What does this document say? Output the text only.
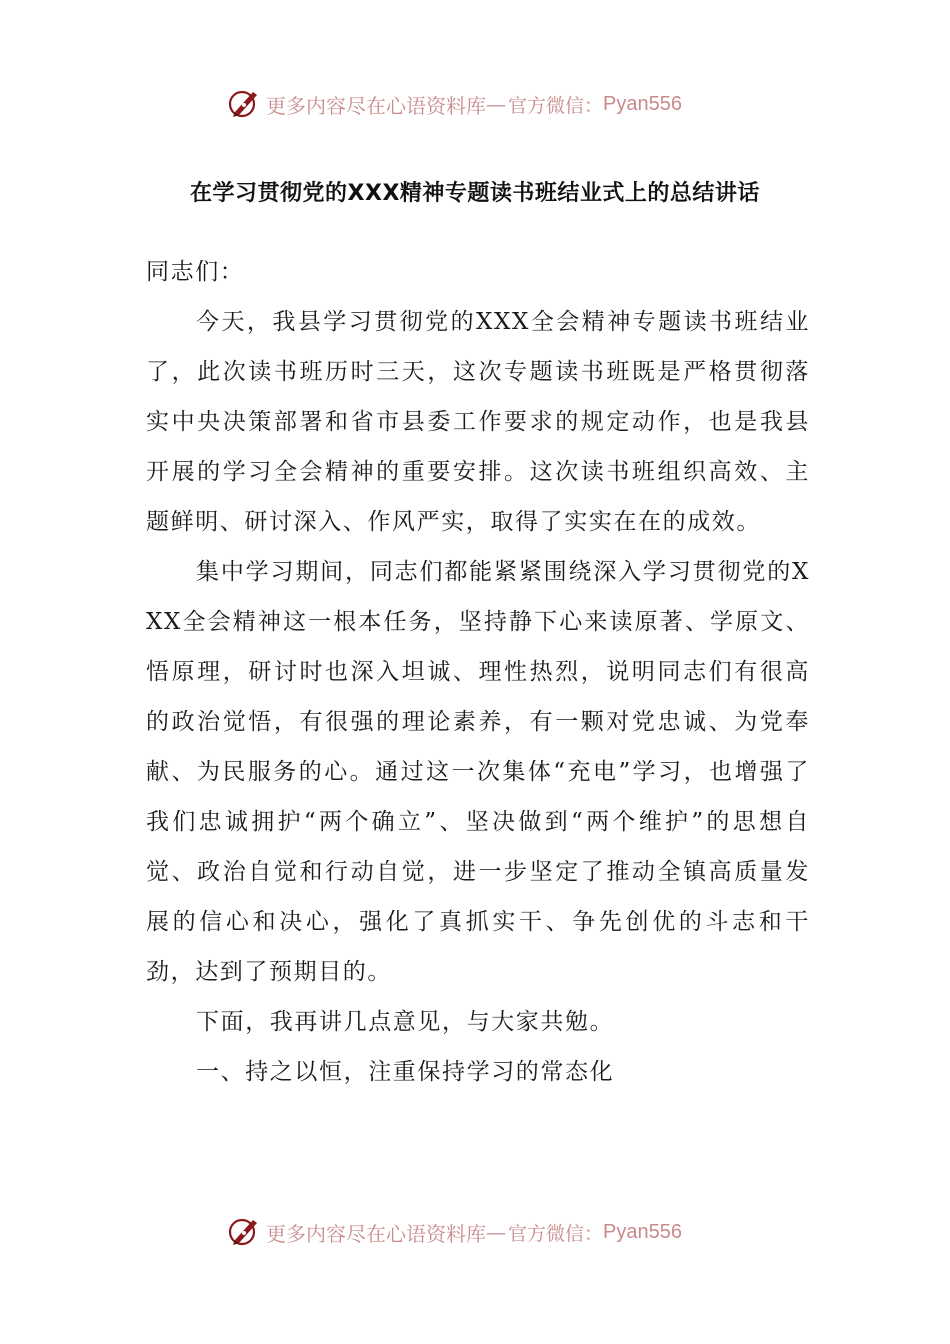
更多内容尽在心语资料库 — 官方微信： Pyan556
在学习贯彻党的XXX精神专题读书班结业式上的总结讲话

同志们：

今天，我县学习贯彻党的XXX全会精神专题读书班结业了，此次读书班历时三天，这次专题读书班既是严格贯彻落实中央决策部署和省市县委工作要求的规定动作，也是我县开展的学习全会精神的重要安排。这次读书班组织高效、主题鲜明、研讨深入、作风严实，取得了实实在在的成效。

集中学习期间，同志们都能紧紧围绕深入学习贯彻党的XXX全会精神这一根本任务，坚持静下心来读原著、学原文、悟原理，研讨时也深入坦诚、理性热烈，说明同志们有很高的政治觉悟，有很强的理论素养，有一颗对党忠诚、为党奉献、为民服务的心。通过这一次集体“充电”学习，也增强了我们忠诚拥护“两个确立”、坚决做到“两个维护”的思想自觉、政治自觉和行动自觉，进一步坚定了推动全镇高质量发展的信心和决心，强化了真抓实干、争先创优的斗志和干劲，达到了预期目的。

下面，我再讲几点意见，与大家共勉。

一、持之以恒，注重保持学习的常态化

更多内容尽在心语资料库 — 官方微信： Pyan556
